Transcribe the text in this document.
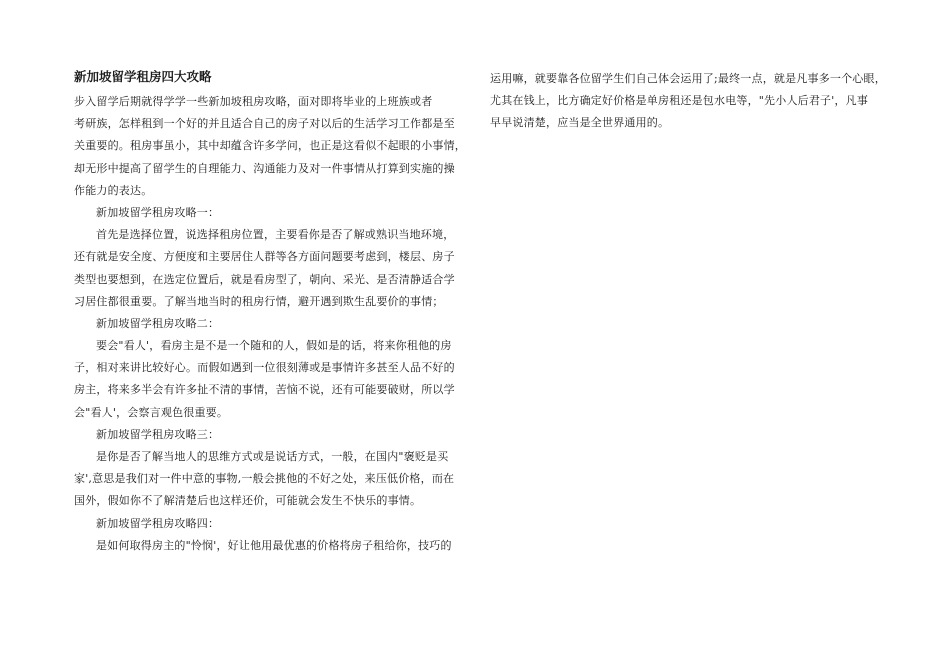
新加坡留学租房四大攻略
步入留学后期就得学学一些新加坡租房攻略，面对即将毕业的上班族或者
考研族，怎样租到一个好的并且适合自己的房子对以后的生活学习工作都是至
关重要的。租房事虽小，其中却蕴含许多学问，也正是这看似不起眼的小事情，
却无形中提高了留学生的自理能力、沟通能力及对一件事情从打算到实施的操
作能力的表达。
新加坡留学租房攻略一：
首先是选择位置，说选择租房位置，主要看你是否了解或熟识当地环境，
还有就是安全度、方便度和主要居住人群等各方面问题要考虑到，楼层、房子
类型也要想到，在选定位置后，就是看房型了，朝向、采光、是否清静适合学
习居住都很重要。了解当地当时的租房行情，避开遇到欺生乱要价的事情；
新加坡留学租房攻略二：
要会"看人'，看房主是不是一个随和的人，假如是的话，将来你租他的房
子，相对来讲比较好心。而假如遇到一位很刻薄或是事情许多甚至人品不好的
房主，将来多半会有许多扯不清的事情，苦恼不说，还有可能要破财，所以学
会"看人'，会察言观色很重要。
新加坡留学租房攻略三：
是你是否了解当地人的思维方式或是说话方式，一般，在国内"褒贬是买
家',意思是我们对一件中意的事物,一般会挑他的不好之处，来压低价格，而在
国外，假如你不了解清楚后也这样还价，可能就会发生不快乐的事情。
新加坡留学租房攻略四：
是如何取得房主的"怜悯'，好让他用最优惠的价格将房子租给你，技巧的
运用嘛，就要靠各位留学生们自己体会运用了;最终一点，就是凡事多一个心眼，
尤其在钱上，比方确定好价格是单房租还是包水电等，"先小人后君子'，凡事
早早说清楚，应当是全世界通用的。
